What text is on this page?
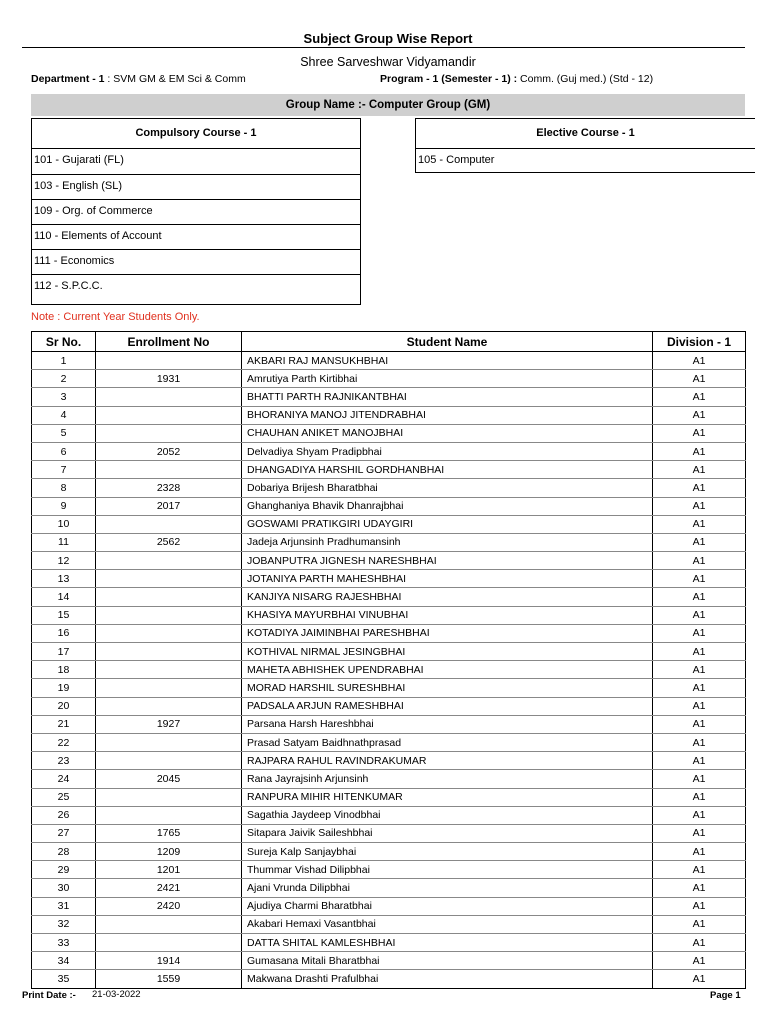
Subject Group Wise Report
Shree Sarveshwar Vidyamandir
Department - 1 : SVM GM & EM Sci & Comm	Program - 1 (Semester - 1) : Comm. (Guj med.) (Std - 12)
Group Name :- Computer Group (GM)
Compulsory Course - 1
101 - Gujarati (FL)
103 - English (SL)
109 - Org. of Commerce
110 - Elements of Account
111 - Economics
112 - S.P.C.C.
Elective Course - 1
105 - Computer
Note : Current Year Students Only.
Sr No.	Enrollment No	Student Name	Division - 1
1		AKBARI RAJ MANSUKHBHAI	A1
2	1931	Amrutiya Parth Kirtibhai	A1
3		BHATTI PARTH RAJNIKANTBHAI	A1
4		BHORANIYA MANOJ JITENDRABHAI	A1
5		CHAUHAN ANIKET MANOJBHAI	A1
6	2052	Delvadiya Shyam Pradipbhai	A1
7		DHANGADIYA HARSHIL GORDHANBHAI	A1
8	2328	Dobariya Brijesh Bharatbhai	A1
9	2017	Ghanghaniya Bhavik Dhanrajbhai	A1
10		GOSWAMI PRATIKGIRI UDAYGIRI	A1
11	2562	Jadeja Arjunsinh Pradhumansinh	A1
12		JOBANPUTRA JIGNESH NARESHBHAI	A1
13		JOTANIYA PARTH MAHESHBHAI	A1
14		KANJIYA NISARG RAJESHBHAI	A1
15		KHASIYA MAYURBHAI VINUBHAI	A1
16		KOTADIYA JAIMINBHAI PARESHBHAI	A1
17		KOTHIVAL NIRMAL JESINGBHAI	A1
18		MAHETA ABHISHEK UPENDRABHAI	A1
19		MORAD HARSHIL SURESHBHAI	A1
20		PADSALA ARJUN RAMESHBHAI	A1
21	1927	Parsana Harsh Hareshbhai	A1
22		Prasad Satyam Baidhnathprasad	A1
23		RAJPARA RAHUL RAVINDRAKUMAR	A1
24	2045	Rana Jayrajsinh Arjunsinh	A1
25		RANPURA MIHIR HITENKUMAR	A1
26		Sagathia Jaydeep Vinodbhai	A1
27	1765	Sitapara Jaivik Saileshbhai	A1
28	1209	Sureja Kalp Sanjaybhai	A1
29	1201	Thummar Vishad Dilipbhai	A1
30	2421	Ajani Vrunda Dilipbhai	A1
31	2420	Ajudiya Charmi Bharatbhai	A1
32		Akabari Hemaxi Vasantbhai	A1
33		DATTA SHITAL KAMLESHBHAI	A1
34	1914	Gumasana Mitali Bharatbhai	A1
35	1559	Makwana Drashti Prafulbhai	A1
Print Date :- 21-03-2022	Page 1
